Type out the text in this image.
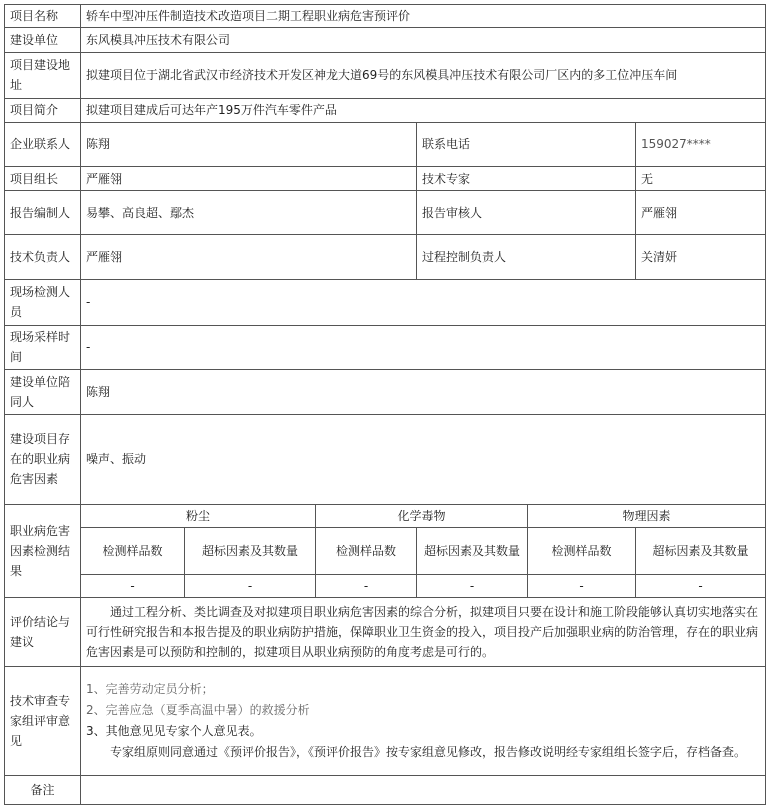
项目名称	轿车中型冲压件制造技术改造项目二期工程职业病危害预评价					
建设单位	东风模具冲压技术有限公司					
项目建设地址	拟建项目位于湖北省武汉市经济技术开发区神龙大道69号的东风模具冲压技术有限公司厂区内的多工位冲压车间					
项目简介	拟建项目建成后可达年产195万件汽车零件产品					
企业联系人	陈翔			联系电话		159027****
项目组长	严雁翎			技术专家		无
报告编制人	易攀、高良超、鄢杰			报告审核人		严雁翎
技术负责人	严雁翎			过程控制负责人		关清妍
现场检测人员	-					
现场采样时间	-					
建设单位陪同人	陈翔					
建设项目存在的职业病危害因素	噪声、振动					
职业病危害因素检测结果	粉尘		化学毒物		物理因素	
	检测样品数	超标因素及其数量	检测样品数	超标因素及其数量	检测样品数	超标因素及其数量
	-	-	-	-	-	-
评价结论与建议	通过工程分析、类比调查及对拟建项目职业病危害因素的综合分析，拟建项目只要在设计和施工阶段能够认真切实地落实在可行性研究报告和本报告提及的职业病防护措施，保障职业卫生资金的投入，项目投产后加强职业病的防治管理，存在的职业病危害因素是可以预防和控制的，拟建项目从职业病预防的角度考虑是可行的。					

技术审查专家组评审意见	1、完善劳动定员分析；

2、完善应急（夏季高温中暑）的救援分析

3、其他意见见专家个人意见表。

专家组原则同意通过《预评价报告》，《预评价报告》按专家组意见修改，报告修改说明经专家组组长签字后，存档备查。					

备注						
